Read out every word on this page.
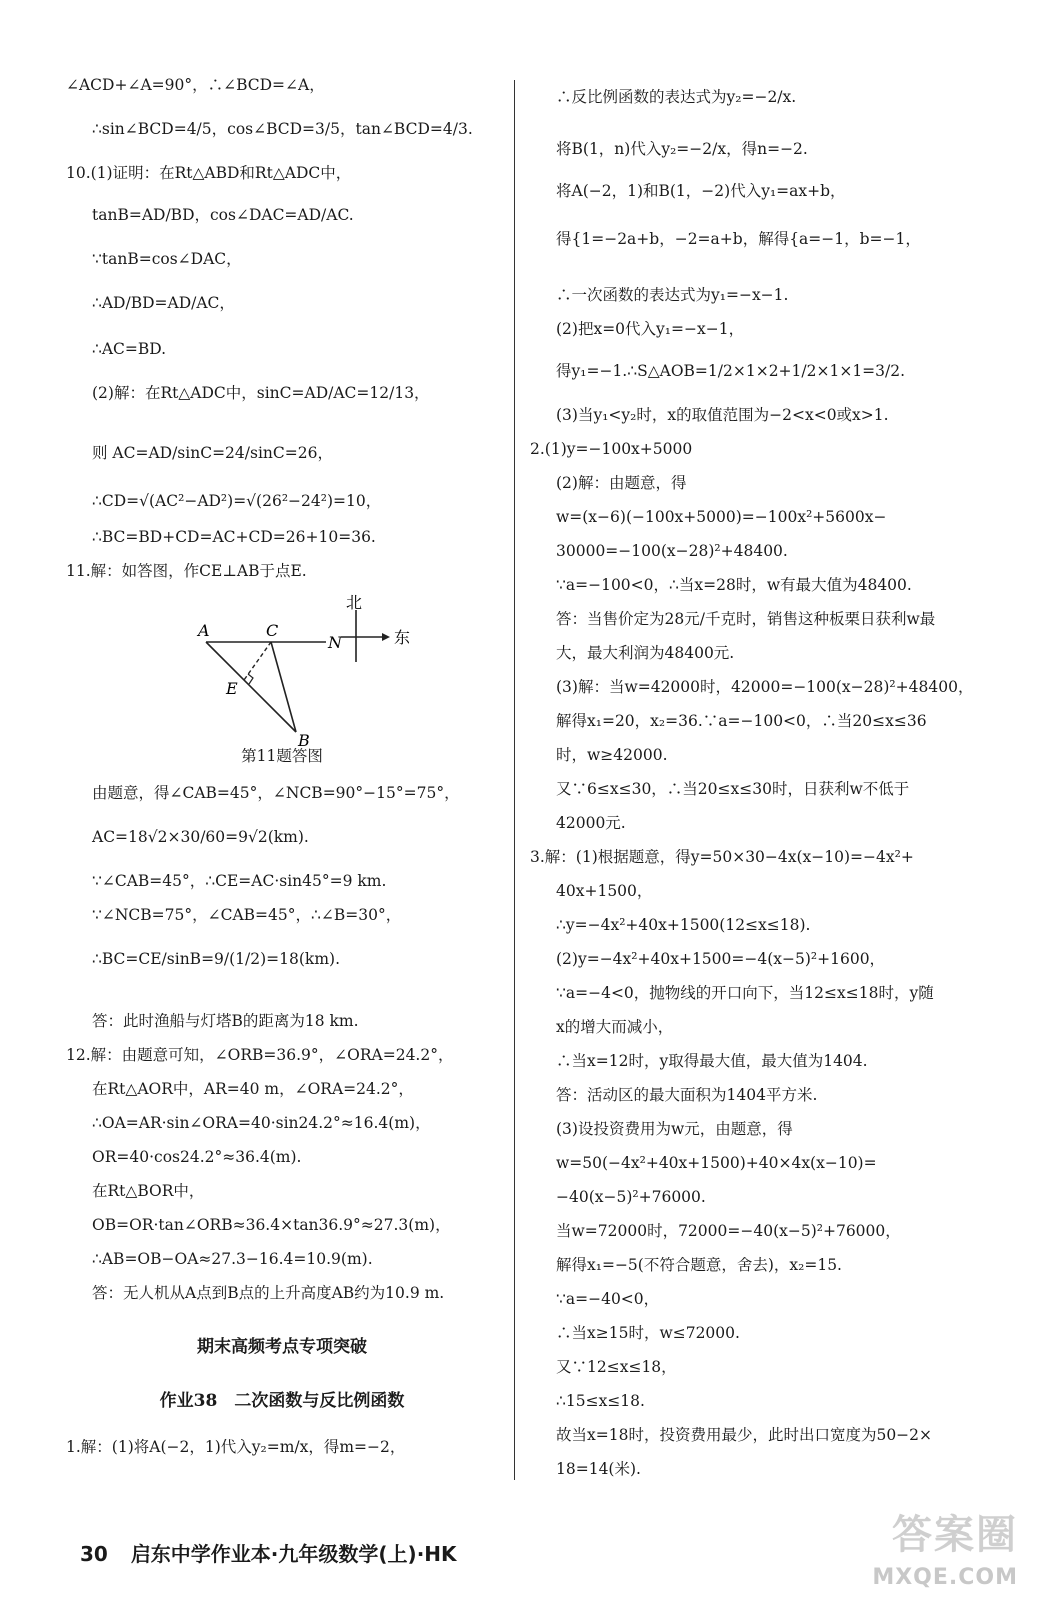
∠ACD+∠A=90°，∴∠BCD=∠A，
∴sin∠BCD=4/5，cos∠BCD=3/5，tan∠BCD=4/3.
10.(1)证明：在Rt△ABD和Rt△ADC中，
tanB=AD/BD，cos∠DAC=AD/AC.
∵tanB=cos∠DAC，
∴AD/BD=AD/AC，
∴AC=BD.
(2)解：在Rt△ADC中，sinC=AD/AC=12/13，
则 AC=AD/sinC=24/sinC=26，
∴CD=√(AC²−AD²)=√(26²−24²)=10，
∴BC=BD+CD=AC+CD=26+10=36.
11.解：如答图，作CE⊥AB于点E.
A	C
N
E
B
北
东
第11题答图
由题意，得∠CAB=45°，∠NCB=90°−15°=75°，
AC=18√2×30/60=9√2(km).
∵∠CAB=45°，∴CE=AC·sin45°=9 km.
∵∠NCB=75°，∠CAB=45°，∴∠B=30°，
∴BC=CE/sinB=9/(1/2)=18(km).
答：此时渔船与灯塔B的距离为18 km.
12.解：由题意可知，∠ORB=36.9°，∠ORA=24.2°，
在Rt△AOR中，AR=40 m，∠ORA=24.2°，
∴OA=AR·sin∠ORA=40·sin24.2°≈16.4(m)，
OR=40·cos24.2°≈36.4(m).
在Rt△BOR中，
OB=OR·tan∠ORB≈36.4×tan36.9°≈27.3(m)，
∴AB=OB−OA≈27.3−16.4=10.9(m).
答：无人机从A点到B点的上升高度AB约为10.9 m.
期末高频考点专项突破
作业38　二次函数与反比例函数
1.解：(1)将A(−2，1)代入y₂=m/x，得m=−2，
∴反比例函数的表达式为y₂=−2/x.
将B(1，n)代入y₂=−2/x，得n=−2.
将A(−2，1)和B(1，−2)代入y₁=ax+b，
得{1=−2a+b，−2=a+b，解得{a=−1，b=−1，
∴一次函数的表达式为y₁=−x−1.
(2)把x=0代入y₁=−x−1，
得y₁=−1.∴S△AOB=1/2×1×2+1/2×1×1=3/2.
(3)当y₁<y₂时，x的取值范围为−2<x<0或x>1.
2.(1)y=−100x+5000
(2)解：由题意，得
w=(x−6)(−100x+5000)=−100x²+5600x−
30000=−100(x−28)²+48400.
∵a=−100<0，∴当x=28时，w有最大值为48400.
答：当售价定为28元/千克时，销售这种板栗日获利w最
大，最大利润为48400元.
(3)解：当w=42000时，42000=−100(x−28)²+48400，
解得x₁=20，x₂=36.∵a=−100<0，∴当20≤x≤36
时，w≥42000.
又∵6≤x≤30，∴当20≤x≤30时，日获利w不低于
42000元.
3.解：(1)根据题意，得y=50×30−4x(x−10)=−4x²+
40x+1500，
∴y=−4x²+40x+1500(12≤x≤18).
(2)y=−4x²+40x+1500=−4(x−5)²+1600，
∵a=−4<0，抛物线的开口向下，当12≤x≤18时，y随
x的增大而减小，
∴当x=12时，y取得最大值，最大值为1404.
答：活动区的最大面积为1404平方米.
(3)设投资费用为w元，由题意，得
w=50(−4x²+40x+1500)+40×4x(x−10)=
−40(x−5)²+76000.
当w=72000时，72000=−40(x−5)²+76000，
解得x₁=−5(不符合题意，舍去)，x₂=15.
∵a=−40<0，
∴当x≥15时，w≤72000.
又∵12≤x≤18，
∴15≤x≤18.
故当x=18时，投资费用最少，此时出口宽度为50−2×
18=14(米).
30 启东中学作业本·九年级数学(上)·HK	答案圈
MXQE.COM
